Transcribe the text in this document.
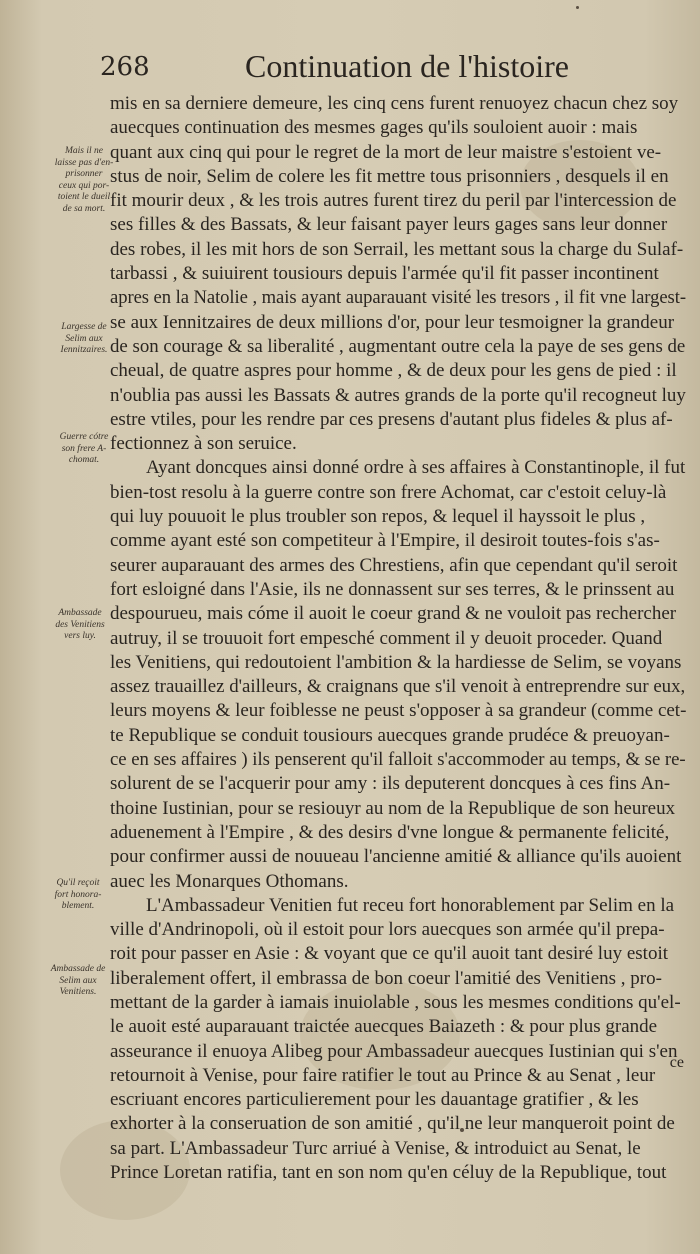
268	Continuation de l'histoire
Mais il ne
laisse pas d'en-
prisonner
ceux qui por-
toient le dueil
de sa mort.
Largesse de
Selim aux
Iennitzaires.
Guerre cótre
son frere A-
chomat.
Ambassade
des Venitiens
vers luy.
Qu'il reçoit
fort honora-
blement.
Ambassade de
Selim aux
Venitiens.
mis en sa derniere demeure, les cinq cens furent renuoyez chacun chez soy
auecques continuation des mesmes gages qu'ils souloient auoir : mais
quant aux cinq qui pour le regret de la mort de leur maistre s'estoient ve-
stus de noir, Selim de colere les fit mettre tous prisonniers , desquels il en
fit mourir deux , & les trois autres furent tirez du peril par l'intercession de
ses filles & des Bassats, & leur faisant payer leurs gages sans leur donner
des robes, il les mit hors de son Serrail, les mettant sous la charge du Sulaf-
tarbassi , & suiuirent tousiours depuis l'armée qu'il fit passer incontinent
apres en la Natolie , mais ayant auparauant visité les tresors , il fit vne largest-
se aux Iennitzaires de deux millions d'or, pour leur tesmoigner la grandeur
de son courage & sa liberalité , augmentant outre cela la paye de ses gens de
cheual, de quatre aspres pour homme , & de deux pour les gens de pied : il
n'oublia pas aussi les Bassats & autres grands de la porte qu'il recogneut luy
estre vtiles, pour les rendre par ces presens d'autant plus fideles & plus af-
fectionnez à son seruice.
Ayant doncques ainsi donné ordre à ses affaires à Constantinople, il fut
bien-tost resolu à la guerre contre son frere Achomat, car c'estoit celuy-là
qui luy pouuoit le plus troubler son repos, & lequel il hayssoit le plus ,
comme ayant esté son competiteur à l'Empire, il desiroit toutes-fois s'as-
seurer auparauant des armes des Chrestiens, afin que cependant qu'il seroit
fort esloigné dans l'Asie, ils ne donnassent sur ses terres, & le prinssent au
despourueu, mais cóme il auoit le coeur grand & ne vouloit pas rechercher
autruy, il se trouuoit fort empesché comment il y deuoit proceder. Quand
les Venitiens, qui redoutoient l'ambition & la hardiesse de Selim, se voyans
assez trauaillez d'ailleurs, & craignans que s'il venoit à entreprendre sur eux,
leurs moyens & leur foiblesse ne peust s'opposer à sa grandeur (comme cet-
te Republique se conduit tousiours auecques grande prudéce & preuoyan-
ce en ses affaires ) ils penserent qu'il falloit s'accommoder au temps, & se re-
solurent de se l'acquerir pour amy : ils deputerent doncques à ces fins An-
thoine Iustinian, pour se resiouyr au nom de la Republique de son heureux
aduenement à l'Empire , & des desirs d'vne longue & permanente felicité,
pour confirmer aussi de nouueau l'ancienne amitié & alliance qu'ils auoient
auec les Monarques Othomans.
L'Ambassadeur Venitien fut receu fort honorablement par Selim en la
ville d'Andrinopoli, où il estoit pour lors auecques son armée qu'il prepa-
roit pour passer en Asie : & voyant que ce qu'il auoit tant desiré luy estoit
liberalement offert, il embrassa de bon coeur l'amitié des Venitiens , pro-
mettant de la garder à iamais inuiolable , sous les mesmes conditions qu'el-
le auoit esté auparauant traictée auecques Baiazeth : & pour plus grande
asseurance il enuoya Alibeg pour Ambassadeur auecques Iustinian qui s'en
retournoit à Venise, pour faire ratifier le tout au Prince & au Senat , leur
escriuant encores particulierement pour les dauantage gratifier , & les
exhorter à la conseruation de son amitié , qu'il ne leur manqueroit point de
sa part. L'Ambassadeur Turc arriué à Venise, & introduict au Senat, le
Prince Loretan ratifia, tant en son nom qu'en céluy de la Republique, tout
ce
